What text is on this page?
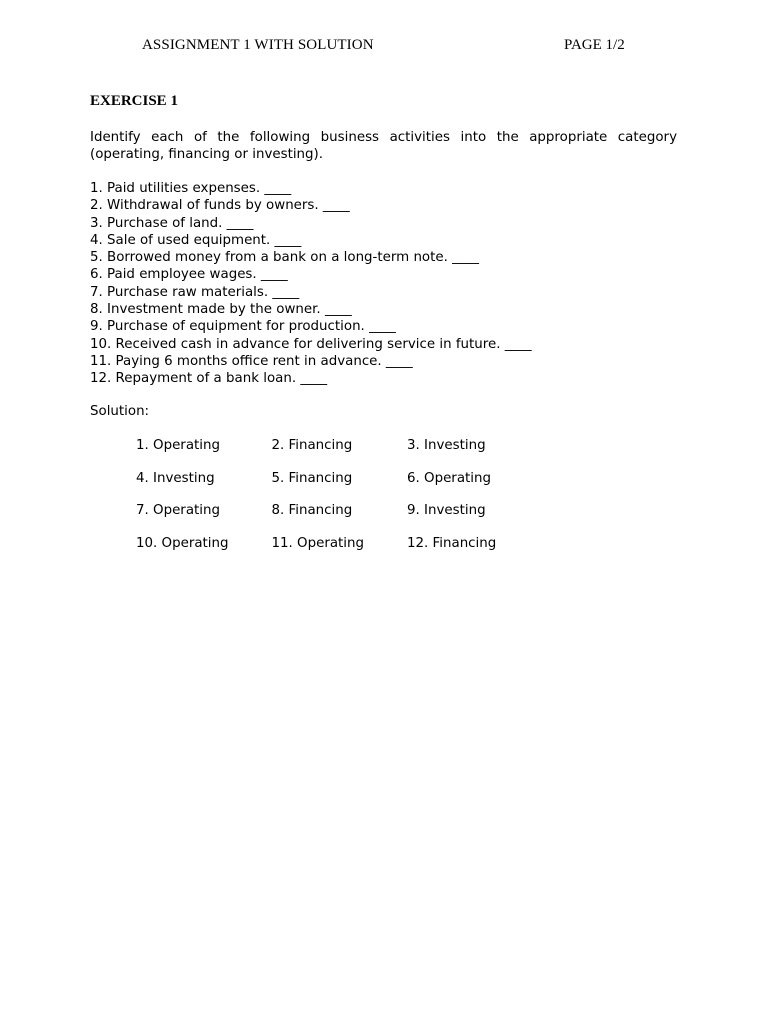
ASSIGNMENT 1 WITH SOLUTION	PAGE 1/2
EXERCISE 1
Identify each of the following business activities into the appropriate category (operating, financing or investing).
1. Paid utilities expenses. ____
2. Withdrawal of funds by owners. ____
3. Purchase of land. ____
4. Sale of used equipment. ____
5. Borrowed money from a bank on a long-term note. ____
6. Paid employee wages. ____
7. Purchase raw materials. ____
8. Investment made by the owner. ____
9. Purchase of equipment for production. ____
10. Received cash in advance for delivering service in future. ____
11. Paying 6 months office rent in advance. ____
12. Repayment of a bank loan. ____
Solution:
1. Operating	2. Financing	3. Investing
4. Investing	5. Financing	6. Operating
7. Operating	8. Financing	9. Investing
10. Operating	11. Operating	12. Financing
